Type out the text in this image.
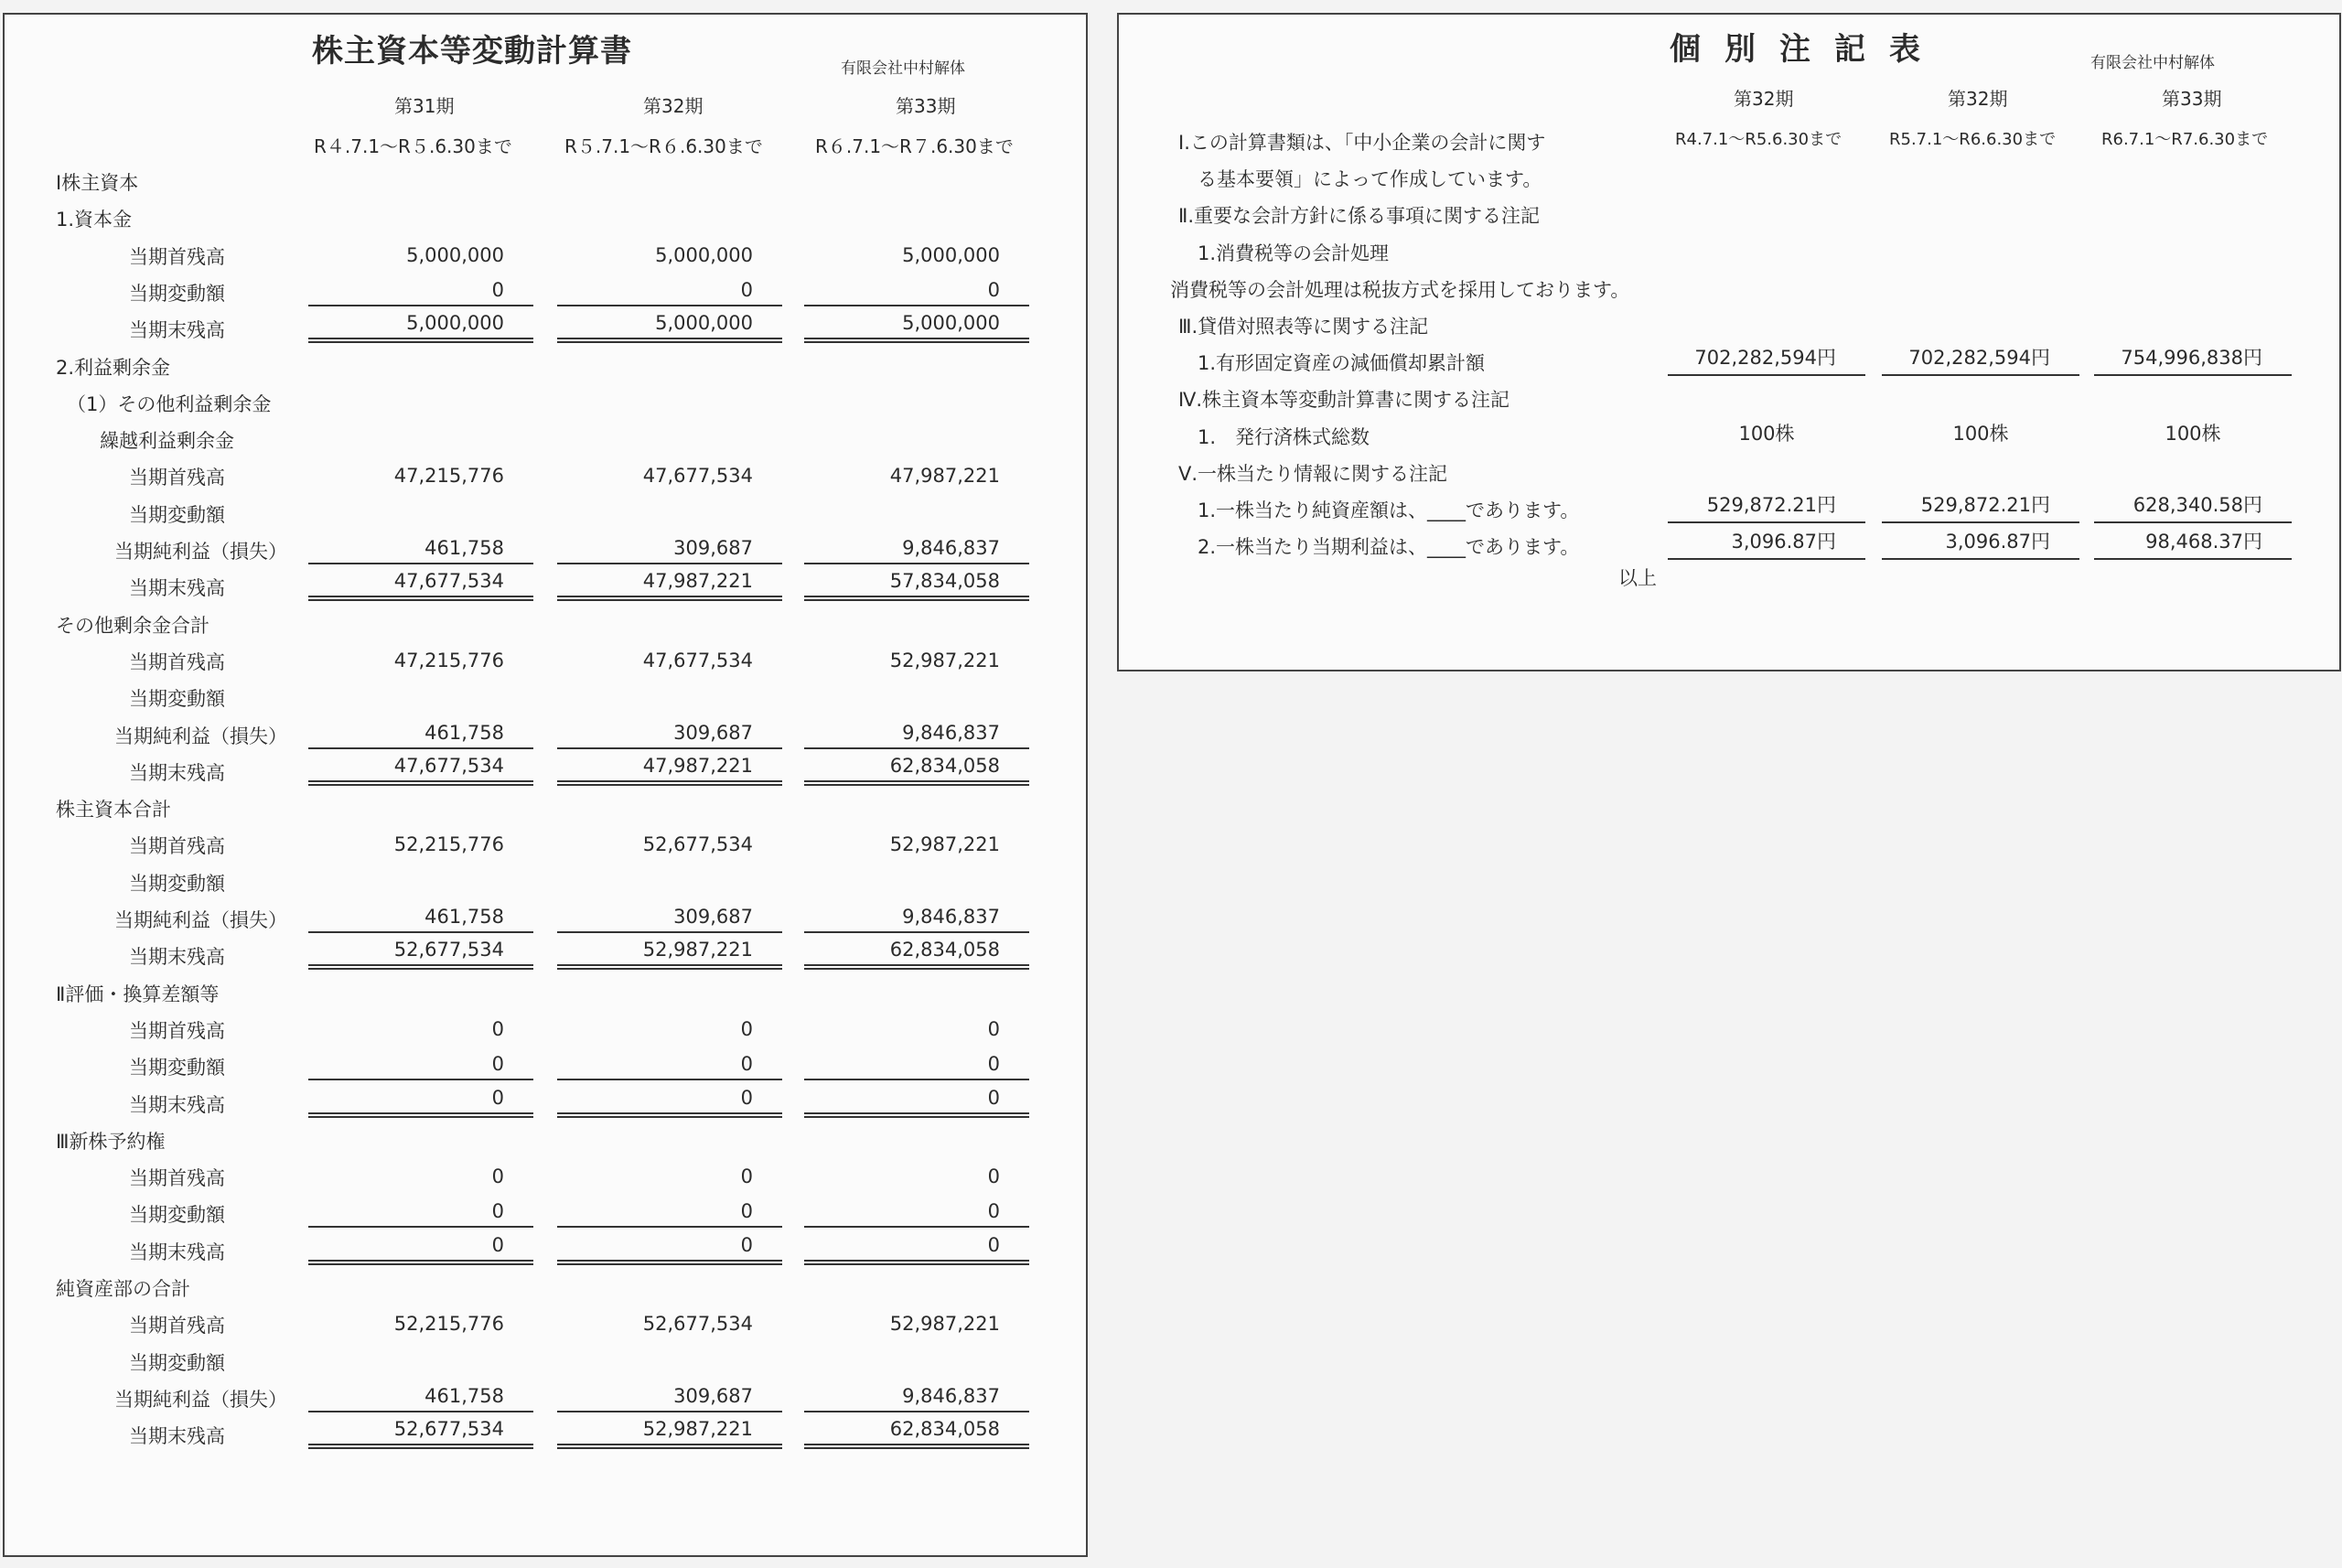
株主資本等変動計算書	有限会社中村解体
第31期	第32期	第33期
R４.7.1～R５.6.30まで	R５.7.1～R６.6.30まで	R６.7.1～R７.6.30まで
Ⅰ株主資本
1.資本金
当期首残高	5,000,000	5,000,000	5,000,000
当期変動額	0	0	0
当期末残高	5,000,000	5,000,000	5,000,000
2.利益剰余金
（1）その他利益剰余金
繰越利益剰余金
当期首残高	47,215,776	47,677,534	47,987,221
当期変動額
当期純利益（損失）	461,758	309,687	9,846,837
当期末残高	47,677,534	47,987,221	57,834,058
その他剰余金合計
当期首残高	47,215,776	47,677,534	52,987,221
当期変動額
当期純利益（損失）	461,758	309,687	9,846,837
当期末残高	47,677,534	47,987,221	62,834,058
株主資本合計
当期首残高	52,215,776	52,677,534	52,987,221
当期変動額
当期純利益（損失）	461,758	309,687	9,846,837
当期末残高	52,677,534	52,987,221	62,834,058
Ⅱ評価・換算差額等
当期首残高	0	0	0
当期変動額	0	0	0
当期末残高	0	0	0
Ⅲ新株予約権
当期首残高	0	0	0
当期変動額	0	0	0
当期末残高	0	0	0
純資産部の合計
当期首残高	52,215,776	52,677,534	52,987,221
当期変動額
当期純利益（損失）	461,758	309,687	9,846,837
当期末残高	52,677,534	52,987,221	62,834,058
個別注記表	有限会社中村解体
第32期	第32期	第33期
R4.7.1～R5.6.30まで	R5.7.1～R6.6.30まで	R6.7.1～R7.6.30まで
Ⅰ.この計算書類は、「中小企業の会計に関す
る基本要領」によって作成しています。
Ⅱ.重要な会計方針に係る事項に関する注記
1.消費税等の会計処理
消費税等の会計処理は税抜方式を採用しております。
Ⅲ.貸借対照表等に関する注記
1.有形固定資産の減価償却累計額	702,282,594円	702,282,594円	754,996,838円
Ⅳ.株主資本等変動計算書に関する注記
1.　発行済株式総数	100株	100株	100株
Ⅴ.一株当たり情報に関する注記
1.一株当たり純資産額は、____であります。	529,872.21円	529,872.21円	628,340.58円
2.一株当たり当期利益は、____であります。	3,096.87円	3,096.87円	98,468.37円
以上
